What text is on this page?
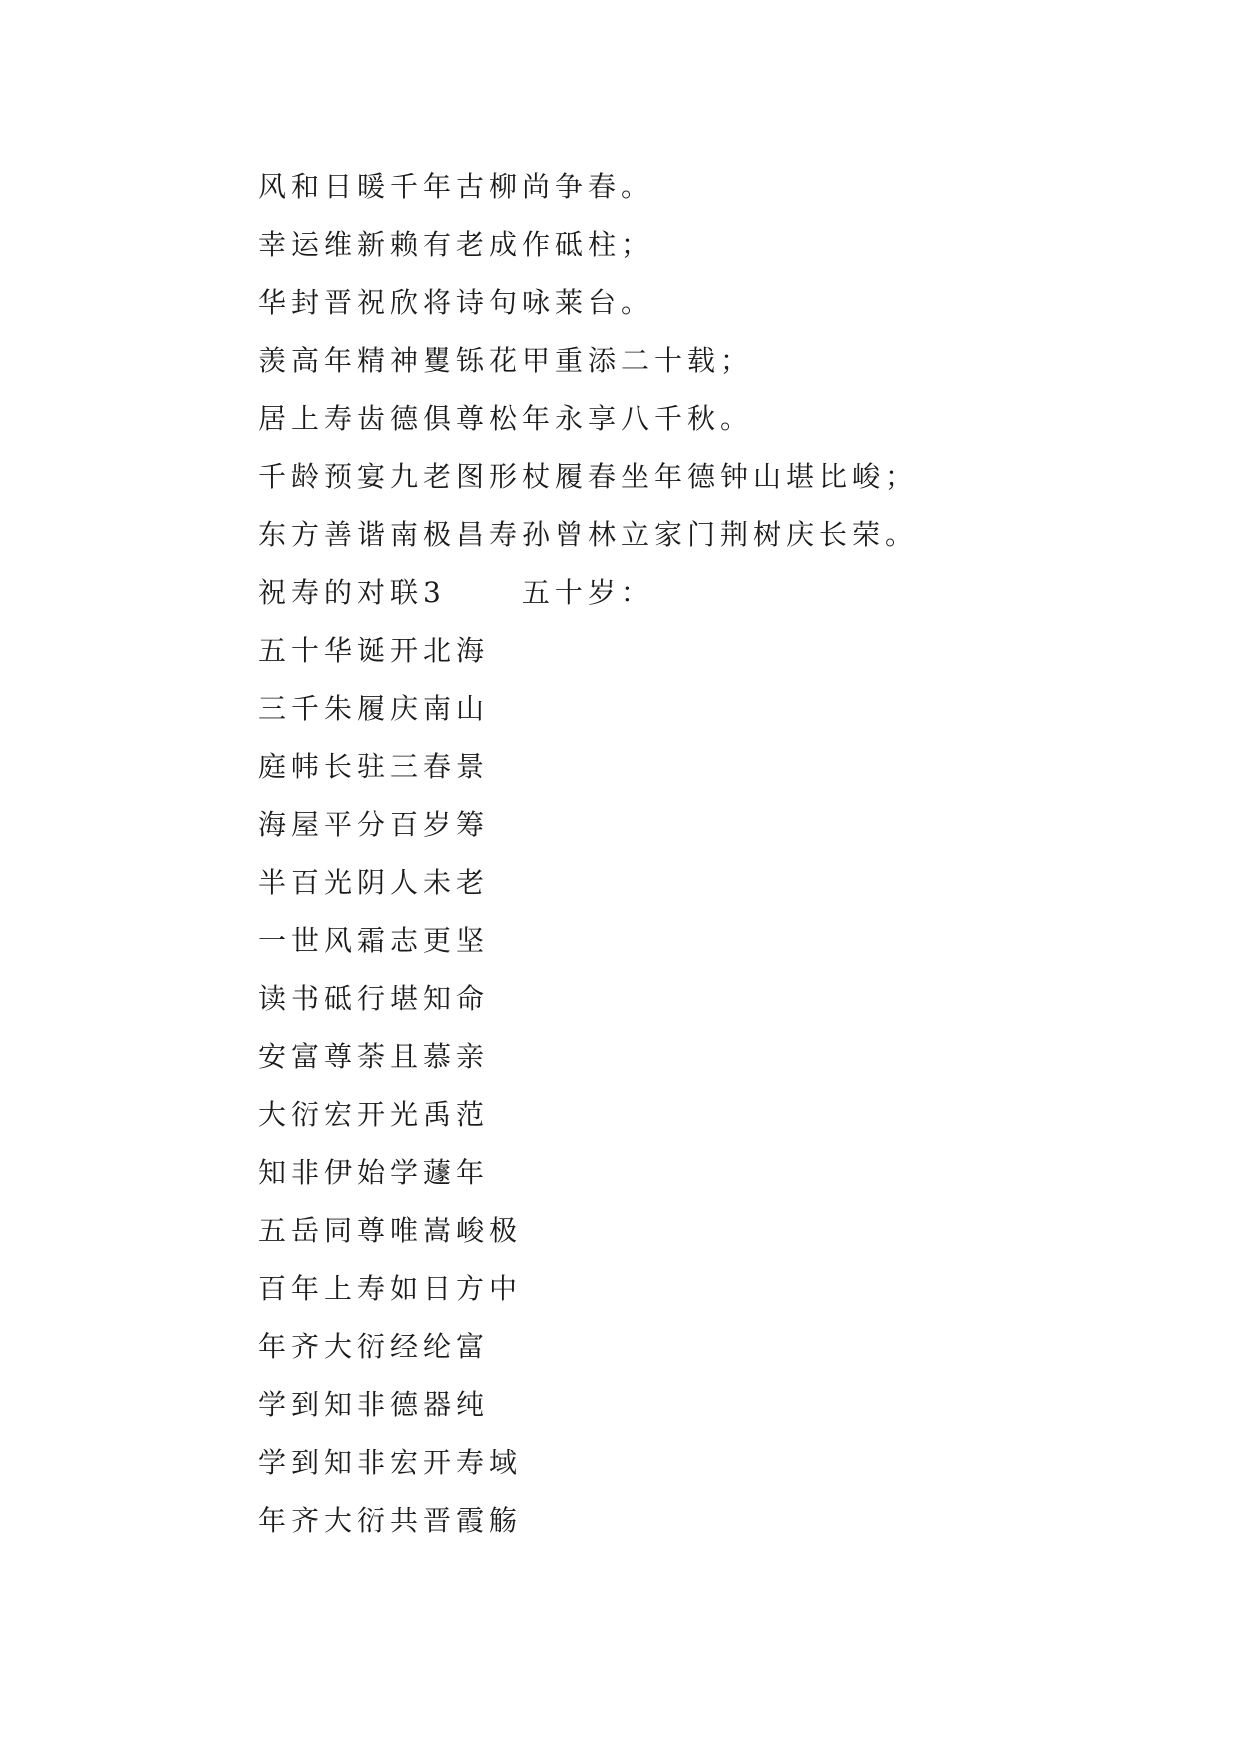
风和日暖千年古柳尚争春。
幸运维新赖有老成作砥柱；
华封晋祝欣将诗句咏莱台。
羡高年精神矍铄花甲重添二十载；
居上寿齿德俱尊松年永享八千秋。
千龄预宴九老图形杖履春坐年德钟山堪比峻；
东方善谐南极昌寿孙曾林立家门荆树庆长荣。
祝寿的对联3	五十岁：
五十华诞开北海
三千朱履庆南山
庭帏长驻三春景
海屋平分百岁筹
半百光阴人未老
一世风霜志更坚
读书砥行堪知命
安富尊荼且慕亲
大衍宏开光禹范
知非伊始学蘧年
五岳同尊唯嵩峻极
百年上寿如日方中
年齐大衍经纶富
学到知非德器纯
学到知非宏开寿域
年齐大衍共晋霞觞
